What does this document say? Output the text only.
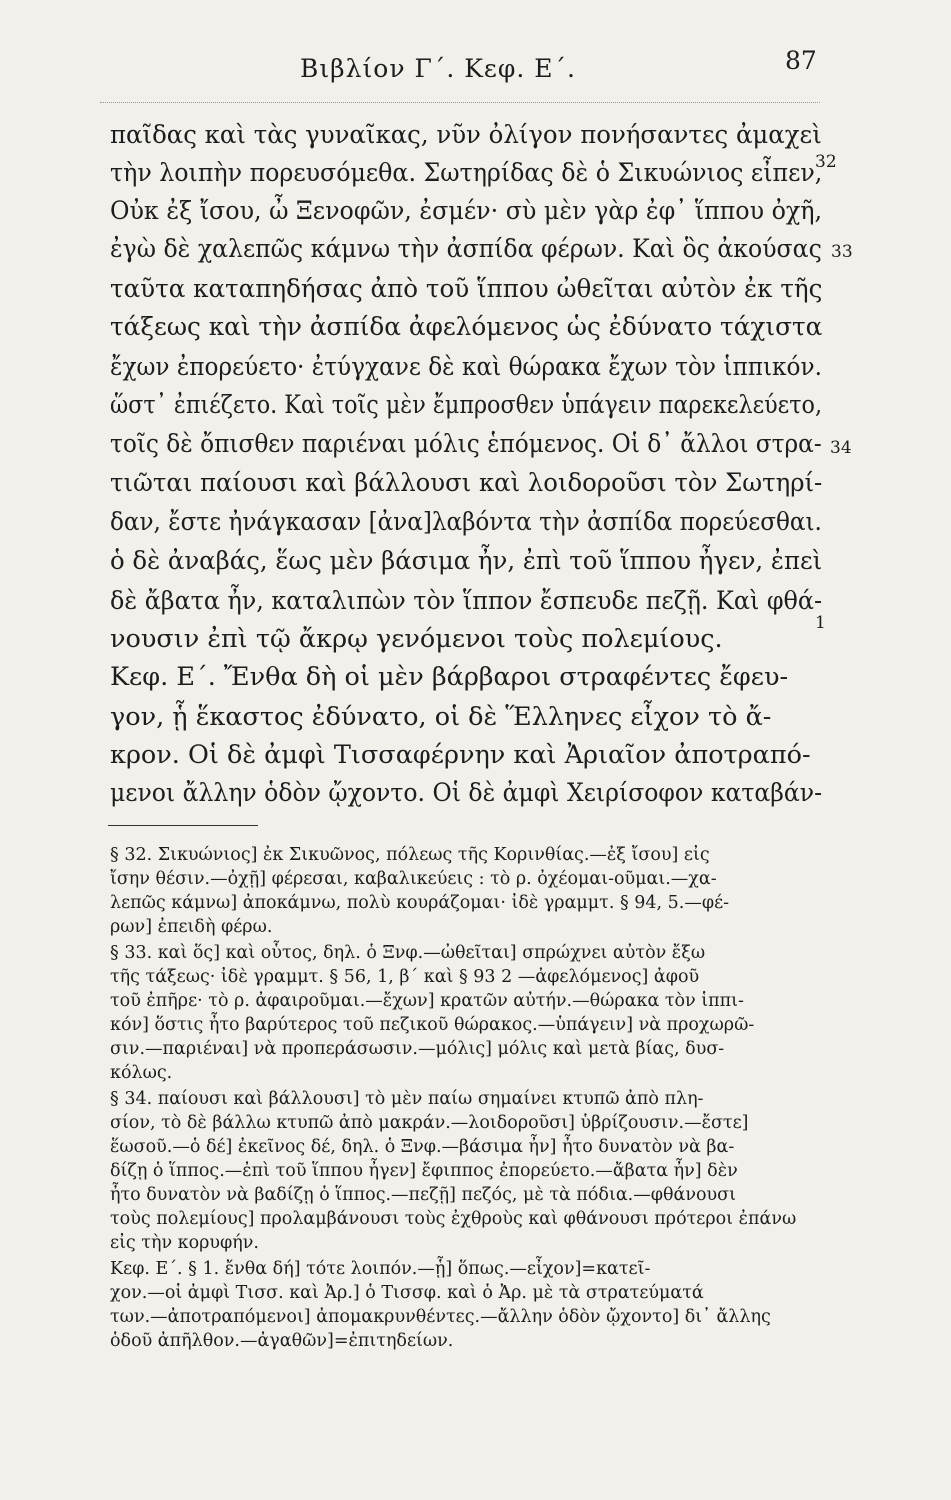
Βιβλίον Γ΄. Κεφ. Ε΄.	87
παῖδας καὶ τὰς γυναῖκας, νῦν ὀλίγον πονήσαντες ἀμαχεὶ
τὴν λοιπὴν πορευσόμεθα. Σωτηρίδας δὲ ὁ Σικυώνιος εἶπεν,
Οὐκ ἐξ ἴσου, ὦ Ξενοφῶν, ἐσμέν· σὺ μὲν γὰρ ἐφ᾽ ἵππου ὀχῆ,
ἐγὼ δὲ χαλεπῶς κάμνω τὴν ἀσπίδα φέρων. Καὶ ὃς ἀκούσας
ταῦτα καταπηδήσας ἀπὸ τοῦ ἵππου ὠθεῖται αὐτὸν ἐκ τῆς
τάξεως καὶ τὴν ἀσπίδα ἀφελόμενος ὡς ἐδύνατο τάχιστα
ἔχων ἐπορεύετο· ἐτύγχανε δὲ καὶ θώρακα ἔχων τὸν ἱππικόν.
ὥστ᾽ ἐπιέζετο. Καὶ τοῖς μὲν ἔμπροσθεν ὑπάγειν παρεκελεύετο,
τοῖς δὲ ὄπισθεν παριέναι μόλις ἑπόμενος. Οἱ δ᾽ ἄλλοι στρα-
τιῶται παίουσι καὶ βάλλουσι καὶ λοιδοροῦσι τὸν Σωτηρί-
δαν, ἔστε ἠνάγκασαν [ἀνα]λαβόντα τὴν ἀσπίδα πορεύεσθαι.
ὁ δὲ ἀναβάς, ἕως μὲν βάσιμα ἦν, ἐπὶ τοῦ ἵππου ἦγεν, ἐπεὶ
δὲ ἄβατα ἦν, καταλιπὼν τὸν ἵππον ἔσπευδε πεζῇ. Καὶ φθά-
νουσιν ἐπὶ τῷ ἄκρῳ γενόμενοι τοὺς πολεμίους.
Κεφ. Ε΄. Ἔνθα δὴ οἱ μὲν βάρβαροι στραφέντες ἔφευ-
γον, ᾗ ἕκαστος ἐδύνατο, οἱ δὲ Ἕλληνες εἶχον τὸ ἄ-
κρον. Οἱ δὲ ἀμφὶ Τισσαφέρνην καὶ Ἀριαῖον ἀποτραπό-
μενοι ἄλλην ὁδὸν ᾤχοντο. Οἱ δὲ ἀμφὶ Χειρίσοφον καταβάν-
32
33
34
1
§ 32. Σικυώνιος] ἐκ Σικυῶνος, πόλεως τῆς Κορινθίας.—ἐξ ἴσου] εἰς
ἴσην θέσιν.—ὀχῇ] φέρεσαι, καβαλικεύεις : τὸ ρ. ὀχέομαι-οῦμαι.—χα-
λεπῶς κάμνω] ἀποκάμνω, πολὺ κουράζομαι· ἰδὲ γραμμτ. § 94, 5.—φέ-
ρων] ἐπειδὴ φέρω.
§ 33. καὶ ὅς] καὶ οὗτος, δηλ. ὁ Ξνφ.—ὠθεῖται] σπρώχνει αὐτὸν ἔξω
τῆς τάξεως· ἰδὲ γραμμτ. § 56, 1, β΄ καὶ § 93 2 —ἀφελόμενος] ἀφοῦ
τοῦ ἐπῆρε· τὸ ρ. ἀφαιροῦμαι.—ἔχων] κρατῶν αὐτήν.—θώρακα τὸν ἱππι-
κόν] ὅστις ἦτο βαρύτερος τοῦ πεζικοῦ θώρακος.—ὑπάγειν] νὰ προχωρῶ-
σιν.—παριέναι] νὰ προπεράσωσιν.—μόλις] μόλις καὶ μετὰ βίας, δυσ-
κόλως.
§ 34. παίουσι καὶ βάλλουσι] τὸ μὲν παίω σημαίνει κτυπῶ ἀπὸ πλη-
σίον, τὸ δὲ βάλλω κτυπῶ ἀπὸ μακράν.—λοιδοροῦσι] ὑβρίζουσιν.—ἔστε]
ἕωσοῦ.—ὁ δέ] ἐκεῖνος δέ, δηλ. ὁ Ξνφ.—βάσιμα ἦν] ἦτο δυνατὸν νὰ βα-
δίζῃ ὁ ἵππος.—ἐπὶ τοῦ ἵππου ἦγεν] ἔφιππος ἐπορεύετο.—ἄβατα ἦν] δὲν
ἦτο δυνατὸν νὰ βαδίζῃ ὁ ἵππος.—πεζῇ] πεζός, μὲ τὰ πόδια.—φθάνουσι
τοὺς πολεμίους] προλαμβάνουσι τοὺς ἐχθροὺς καὶ φθάνουσι πρότεροι ἐπάνω
εἰς τὴν κορυφήν.
Κεφ. Ε΄. § 1. ἔνθα δή] τότε λοιπόν.—ᾗ] ὅπως.—εἶχον]=κατεῖ-
χον.—οἱ ἀμφὶ Τισσ. καὶ Ἀρ.] ὁ Τισσφ. καὶ ὁ Ἀρ. μὲ τὰ στρατεύματά
των.—ἀποτραπόμενοι] ἀπομακρυνθέντες.—ἄλλην ὁδὸν ᾤχοντο] δι᾽ ἄλλης
ὁδοῦ ἀπῆλθον.—ἀγαθῶν]=ἐπιτηδείων.
